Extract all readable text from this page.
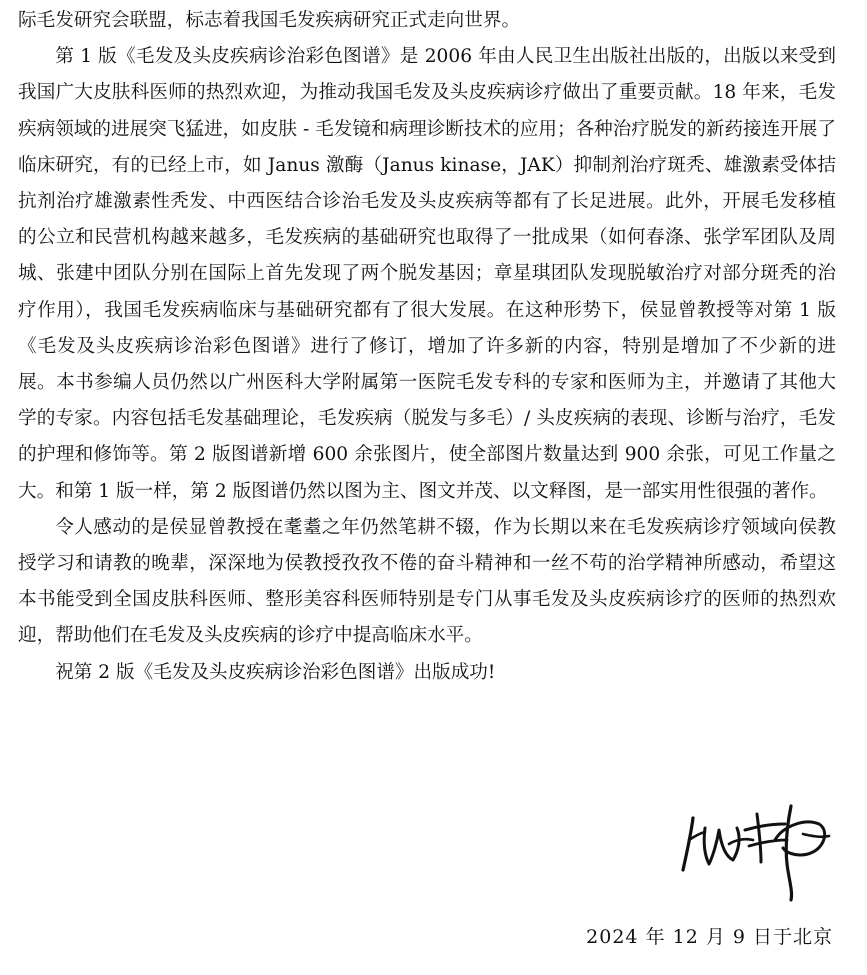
际毛发研究会联盟，标志着我国毛发疾病研究正式走向世界。

第 1 版《毛发及头皮疾病诊治彩色图谱》是 2006 年由人民卫生出版社出版的，出版以来受到我国广大皮肤科医师的热烈欢迎，为推动我国毛发及头皮疾病诊疗做出了重要贡献。18 年来，毛发疾病领域的进展突飞猛进，如皮肤 - 毛发镜和病理诊断技术的应用；各种治疗脱发的新药接连开展了临床研究，有的已经上市，如 Janus 激酶（Janus kinase，JAK）抑制剂治疗斑秃、雄激素受体拮抗剂治疗雄激素性秃发、中西医结合诊治毛发及头皮疾病等都有了长足进展。此外，开展毛发移植的公立和民营机构越来越多，毛发疾病的基础研究也取得了一批成果（如何春涤、张学军团队及周城、张建中团队分别在国际上首先发现了两个脱发基因；章星琪团队发现脱敏治疗对部分斑秃的治疗作用），我国毛发疾病临床与基础研究都有了很大发展。在这种形势下，侯显曾教授等对第 1 版《毛发及头皮疾病诊治彩色图谱》进行了修订，增加了许多新的内容，特别是增加了不少新的进展。本书参编人员仍然以广州医科大学附属第一医院毛发专科的专家和医师为主，并邀请了其他大学的专家。内容包括毛发基础理论，毛发疾病（脱发与多毛）/ 头皮疾病的表现、诊断与治疗，毛发的护理和修饰等。第 2 版图谱新增 600 余张图片，使全部图片数量达到 900 余张，可见工作量之大。和第 1 版一样，第 2 版图谱仍然以图为主、图文并茂、以文释图，是一部实用性很强的著作。

令人感动的是侯显曾教授在耄耋之年仍然笔耕不辍，作为长期以来在毛发疾病诊疗领域向侯教授学习和请教的晚辈，深深地为侯教授孜孜不倦的奋斗精神和一丝不苟的治学精神所感动，希望这本书能受到全国皮肤科医师、整形美容科医师特别是专门从事毛发及头皮疾病诊疗的医师的热烈欢迎，帮助他们在毛发及头皮疾病的诊疗中提高临床水平。

祝第 2 版《毛发及头皮疾病诊治彩色图谱》出版成功!

2024 年 12 月 9 日于北京
